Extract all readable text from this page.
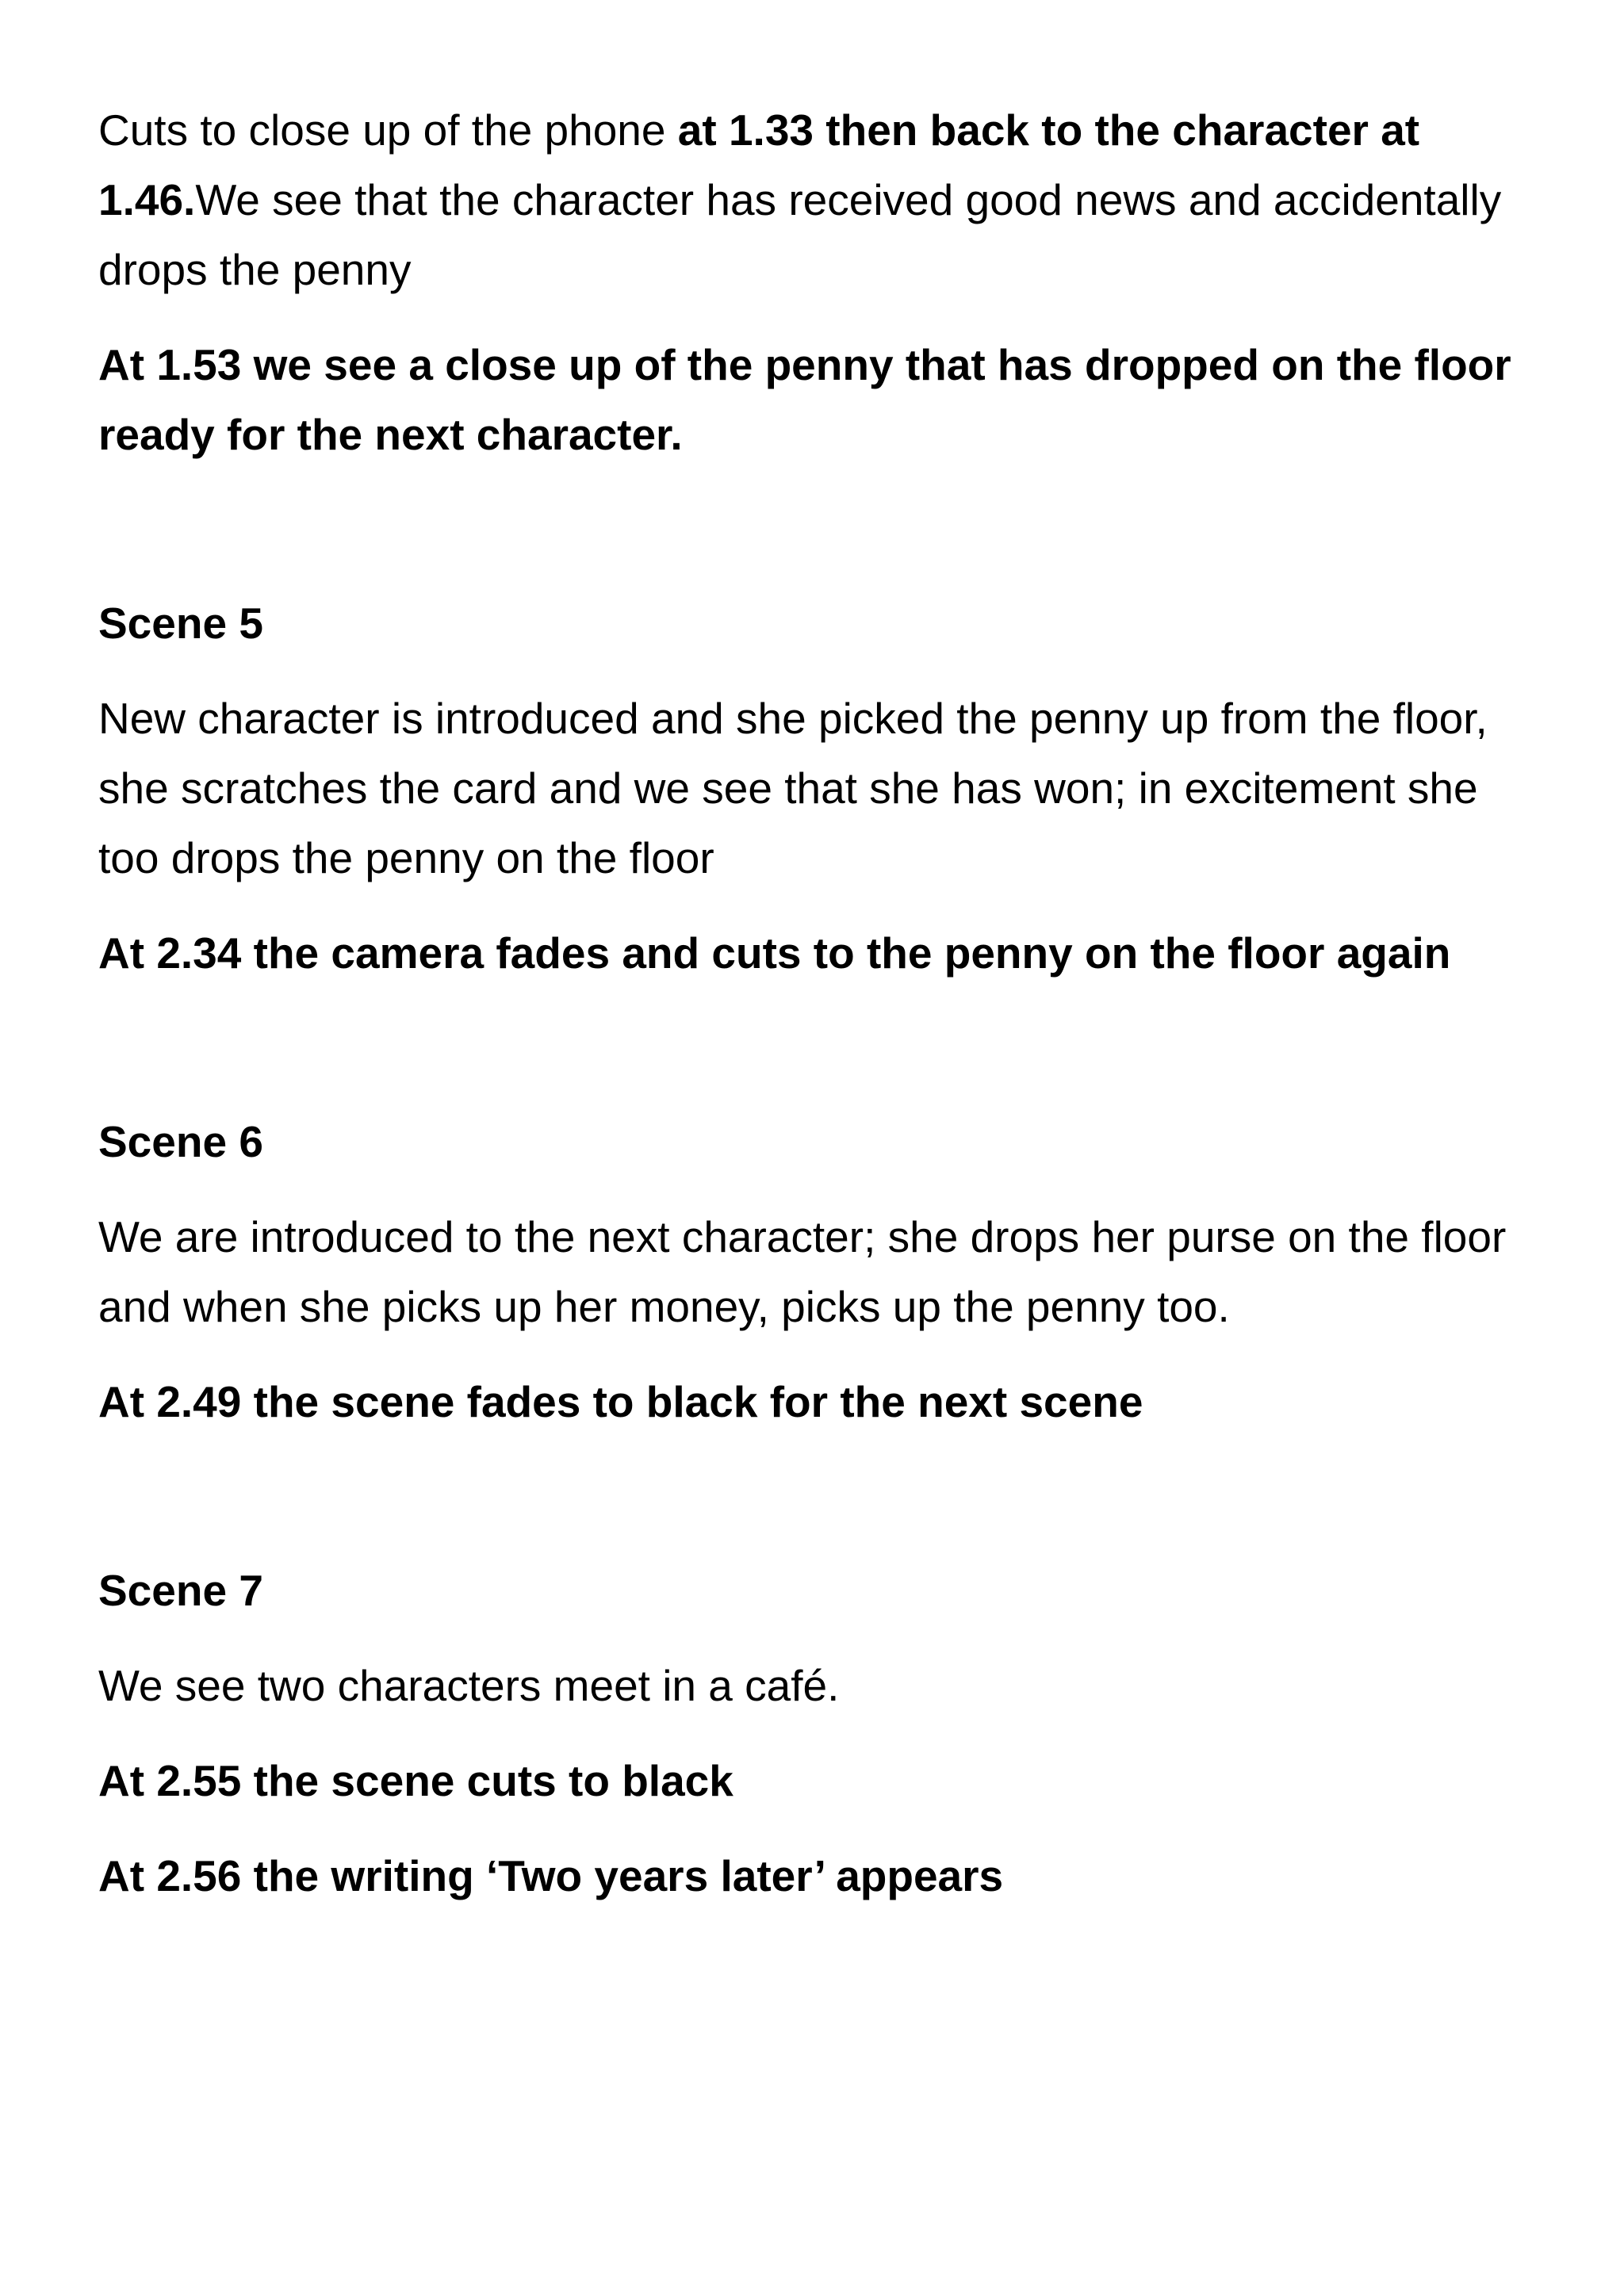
Cuts to close up of the phone at 1.33 then back to the character at 1.46.We see that the character has received good news and accidentally drops the penny

At 1.53 we see a close up of the penny that has dropped on the floor ready for the next character.

Scene 5

New character is introduced and she picked the penny up from the floor, she scratches the card and we see that she has won; in excitement she too drops the penny on the floor

At 2.34 the camera fades and cuts to the penny on the floor again

Scene 6

We are introduced to the next character; she drops her purse on the floor and when she picks up her money, picks up the penny too.

At 2.49 the scene fades to black for the next scene

Scene 7

We see two characters meet in a café.

At 2.55 the scene cuts to black

At 2.56 the writing ‘Two years later’ appears
